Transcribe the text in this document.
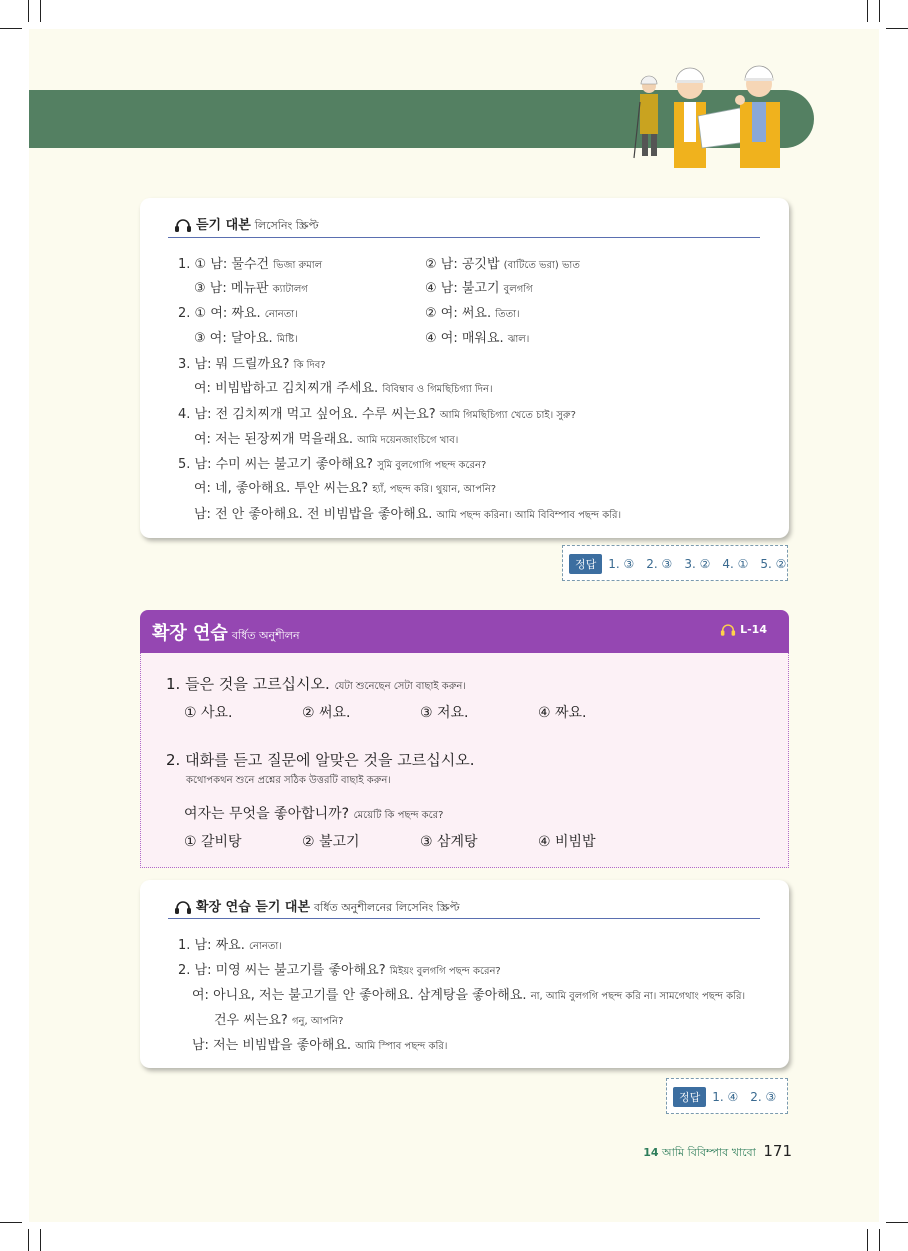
듣기 대본 লিসেনিং স্ক্রিপ্ট
1. ① 남: 물수건 ভিজা রুমাল	② 남: 공깃밥 (বাটিতে ভরা) ভাত
③ 남: 메뉴판 ক্যাটালগ	④ 남: 불고기 বুলগগি
2. ① 여: 짜요. নোনতা।	② 여: 써요. তিতা।
③ 여: 달아요. মিষ্টি।	④ 여: 매워요. ঝাল।
3. 남: 뭐 드릴까요? কি দিব?
여: 비빔밥하고 김치찌개 주세요. বিবিম্বাব ও গিমছিচিগ্যা দিন।
4. 남: 전 김치찌개 먹고 싶어요. 수루 씨는요? আমি গিমছিচিগ্যা খেতে চাই। সুরু?
여: 저는 된장찌개 먹을래요. আমি দয়েনজাংচিগে খাব।
5. 남: 수미 씨는 불고기 좋아해요? সুমি বুলগোগি পছন্দ করেন?
여: 네, 좋아해요. 투안 씨는요? হ্যাঁ, পছন্দ করি। থুয়ান, আপনি?
남: 전 안 좋아해요. 전 비빔밥을 좋아해요. আমি পছন্দ করিনা। আমি বিবিম্পাব পছন্দ করি।
정답 1. ③ 2. ③ 3. ② 4. ① 5. ②
확장 연습 বর্ধিত অনুশীলন	L-14
1. 들은 것을 고르십시오. যেটা শুনেছেন সেটা বাছাই করুন।
① 사요.	② 써요.	③ 저요.	④ 짜요.
2. 대화를 듣고 질문에 알맞은 것을 고르십시오.
কথোপকথন শুনে প্রশ্নের সঠিক উত্তরটি বাছাই করুন।
여자는 무엇을 좋아합니까? মেয়েটি কি পছন্দ করে?
① 갈비탕	② 불고기	③ 삼계탕	④ 비빔밥
확장 연습 듣기 대본 বর্ধিত অনুশীলনের লিসেনিং স্ক্রিপ্ট
1. 남: 짜요. নোনতা।
2. 남: 미영 씨는 불고기를 좋아해요? মিইয়ং বুলগগি পছন্দ করেন?
여: 아니요, 저는 불고기를 안 좋아해요. 삼계탕을 좋아해요. না, আমি বুলগগি পছন্দ করি না। সামগেথাং পছন্দ করি।
건우 씨는요? গনু, আপনি?
남: 저는 비빔밥을 좋아해요. আমি স্পিাব পছন্দ করি।
정답 1. ④ 2. ③
14 আমি বিবিম্পাব খাবো 171
